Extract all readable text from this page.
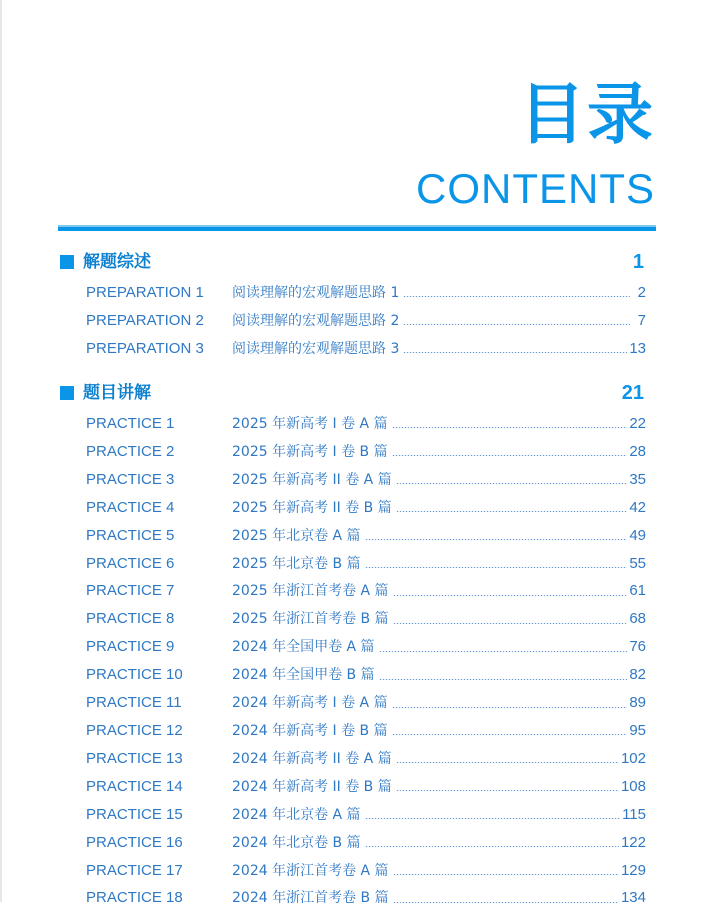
目录
CONTENTS
解题综述	1
PREPARATION 1	阅读理解的宏观解题思路 1	2
PREPARATION 2	阅读理解的宏观解题思路 2	7
PREPARATION 3	阅读理解的宏观解题思路 3	13
题目讲解	21
PRACTICE 1	2025 年新高考 I 卷 A 篇	22
PRACTICE 2	2025 年新高考 I 卷 B 篇	28
PRACTICE 3	2025 年新高考 II 卷 A 篇	35
PRACTICE 4	2025 年新高考 II 卷 B 篇	42
PRACTICE 5	2025 年北京卷 A 篇	49
PRACTICE 6	2025 年北京卷 B 篇	55
PRACTICE 7	2025 年浙江首考卷 A 篇	61
PRACTICE 8	2025 年浙江首考卷 B 篇	68
PRACTICE 9	2024 年全国甲卷 A 篇	76
PRACTICE 10	2024 年全国甲卷 B 篇	82
PRACTICE 11	2024 年新高考 I 卷 A 篇	89
PRACTICE 12	2024 年新高考 I 卷 B 篇	95
PRACTICE 13	2024 年新高考 II 卷 A 篇	102
PRACTICE 14	2024 年新高考 II 卷 B 篇	108
PRACTICE 15	2024 年北京卷 A 篇	115
PRACTICE 16	2024 年北京卷 B 篇	122
PRACTICE 17	2024 年浙江首考卷 A 篇	129
PRACTICE 18	2024 年浙江首考卷 B 篇	134
